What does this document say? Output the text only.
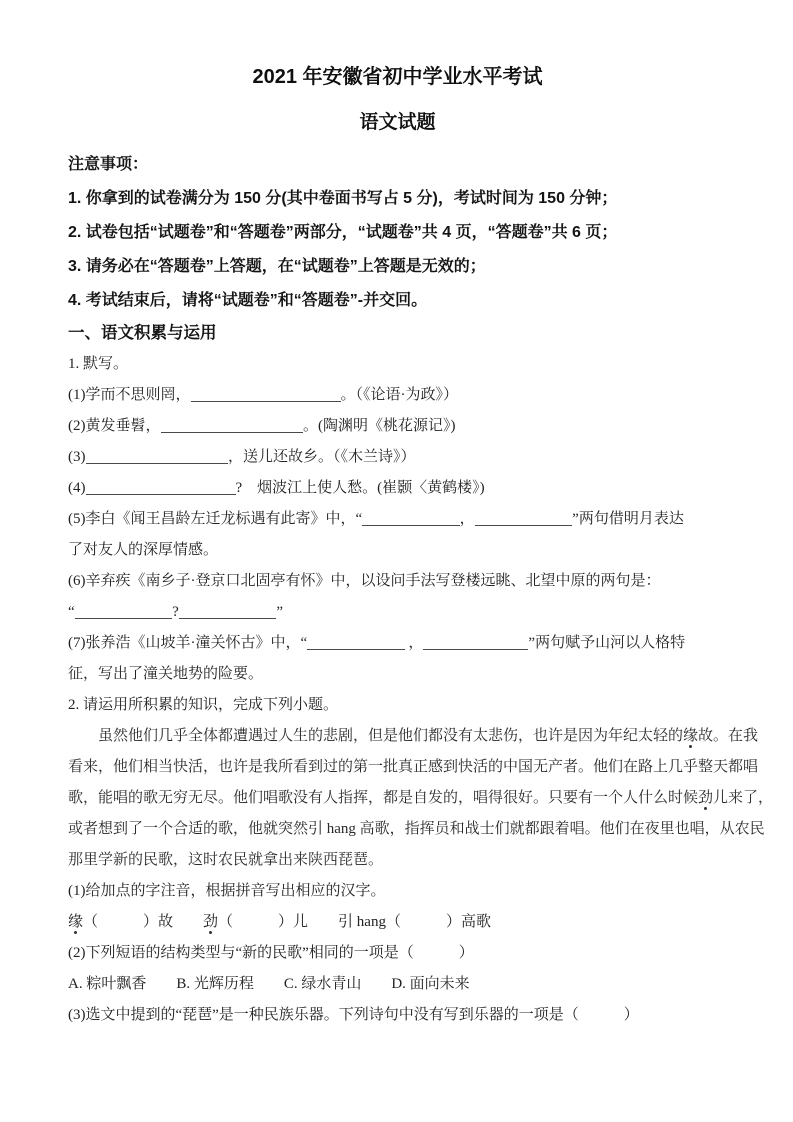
2021 年安徽省初中学业水平考试
语文试题
注意事项：
1. 你拿到的试卷满分为 150 分(其中卷面书写占 5 分)，考试时间为 150 分钟；
2. 试卷包括“试题卷”和“答题卷”两部分，“试题卷”共 4 页，“答题卷”共 6 页；
3. 请务必在“答题卷”上答题，在“试题卷”上答题是无效的；
4. 考试结束后，请将“试题卷”和“答题卷”-并交回。
一、语文积累与运用
1. 默写。
(1)学而不思则罔，	。（《论语·为政》）
(2)黄发垂髫，	。(陶渊明《桃花源记》)
(3)	，送儿还故乡。（《木兰诗》）
(4)	?　烟波江上使人愁。(崔颢〈黄鹤楼》)
(5)李白《闻王昌龄左迁龙标遇有此寄》中，“	，	”两句借明月表达
了对友人的深厚情感。
(6)辛弃疾《南乡子·登京口北固亭有怀》中，以设问手法写登楼远眺、北望中原的两句是：
“	?	”
(7)张养浩《山坡羊·潼关怀古》中，“	，	”两句赋予山河以人格特
征，写出了潼关地势的险要。
2. 请运用所积累的知识，完成下列小题。
虽然他们几乎全体都遭遇过人生的悲剧，但是他们都没有太悲伤，也许是因为年纪太轻的缘故。在我
看来，他们相当快活，也许是我所看到过的第一批真正感到快活的中国无产者。他们在路上几乎整天都唱
歌，能唱的歌无穷无尽。他们唱歌没有人指挥，都是自发的，唱得很好。只要有一个人什么时候劲儿来了，
或者想到了一个合适的歌，他就突然引 hang 高歌，指挥员和战士们就都跟着唱。他们在夜里也唱，从农民
那里学新的民歌，这时农民就拿出来陕西琵琶。
(1)给加点的字注音，根据拼音写出相应的汉字。
缘（　　　）故　　劲（　　　）儿　　引 hang（　　　）高歌
(2)下列短语的结构类型与“新的民歌”相同的一项是（　　　）
A. 粽叶飘香　　B. 光辉历程　　C. 绿水青山　　D. 面向未来
(3)选文中提到的“琵琶”是一种民族乐器。下列诗句中没有写到乐器的一项是（　　　）
